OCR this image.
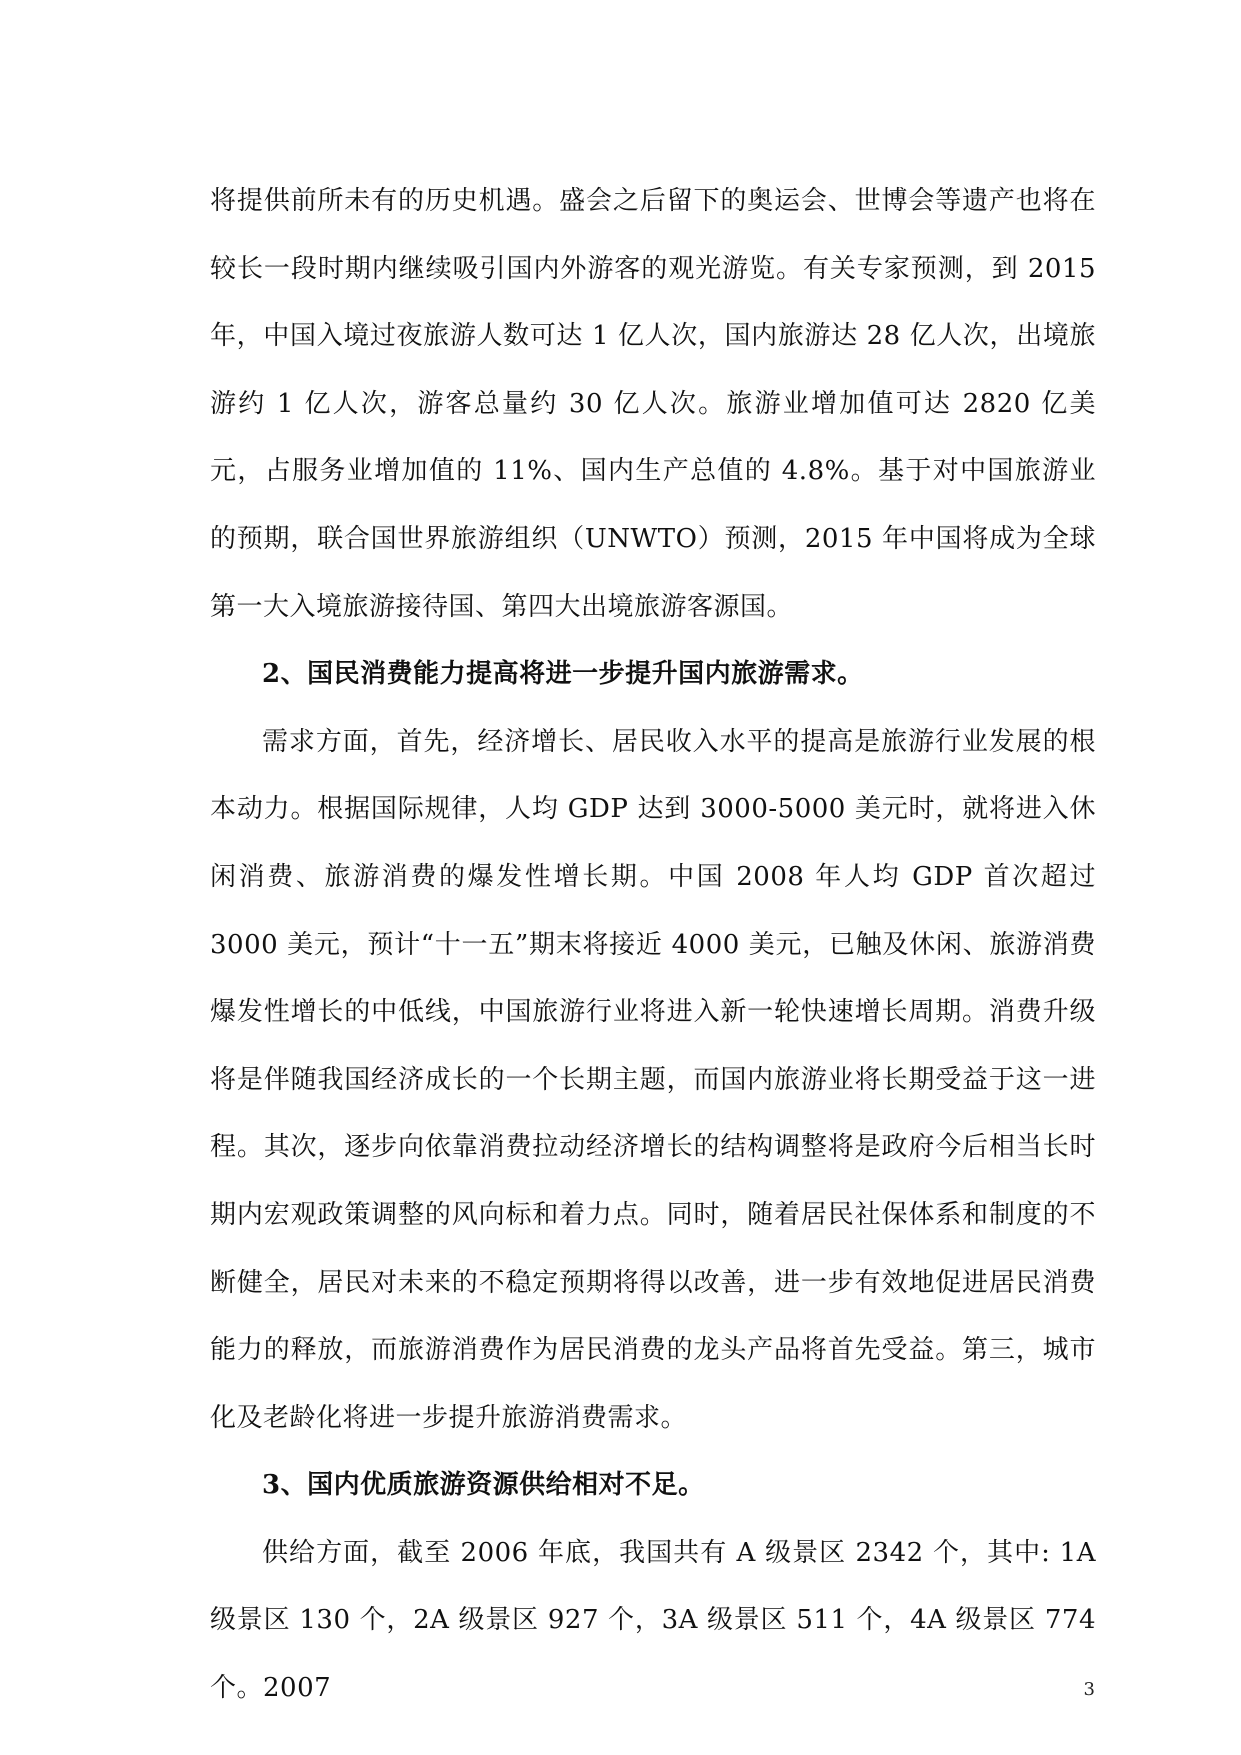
将提供前所未有的历史机遇。盛会之后留下的奥运会、世博会等遗产也将在较长一段时期内继续吸引国内外游客的观光游览。有关专家预测，到 2015 年，中国入境过夜旅游人数可达 1 亿人次，国内旅游达 28 亿人次，出境旅游约 1 亿人次，游客总量约 30 亿人次。旅游业增加值可达 2820 亿美元，占服务业增加值的 11%、国内生产总值的 4.8%。基于对中国旅游业的预期，联合国世界旅游组织（UNWTO）预测，2015 年中国将成为全球第一大入境旅游接待国、第四大出境旅游客源国。

2、国民消费能力提高将进一步提升国内旅游需求。

需求方面，首先，经济增长、居民收入水平的提高是旅游行业发展的根本动力。根据国际规律，人均 GDP 达到 3000-5000 美元时，就将进入休闲消费、旅游消费的爆发性增长期。中国 2008 年人均 GDP 首次超过 3000 美元，预计“十一五”期末将接近 4000 美元，已触及休闲、旅游消费爆发性增长的中低线，中国旅游行业将进入新一轮快速增长周期。消费升级将是伴随我国经济成长的一个长期主题，而国内旅游业将长期受益于这一进程。其次，逐步向依靠消费拉动经济增长的结构调整将是政府今后相当长时期内宏观政策调整的风向标和着力点。同时，随着居民社保体系和制度的不断健全，居民对未来的不稳定预期将得以改善，进一步有效地促进居民消费能力的释放，而旅游消费作为居民消费的龙头产品将首先受益。第三，城市化及老龄化将进一步提升旅游消费需求。

3、国内优质旅游资源供给相对不足。

供给方面，截至 2006 年底，我国共有 A 级景区 2342 个，其中: 1A 级景区 130 个，2A 级景区 927 个，3A 级景区 511 个，4A 级景区 774 个。2007	3
